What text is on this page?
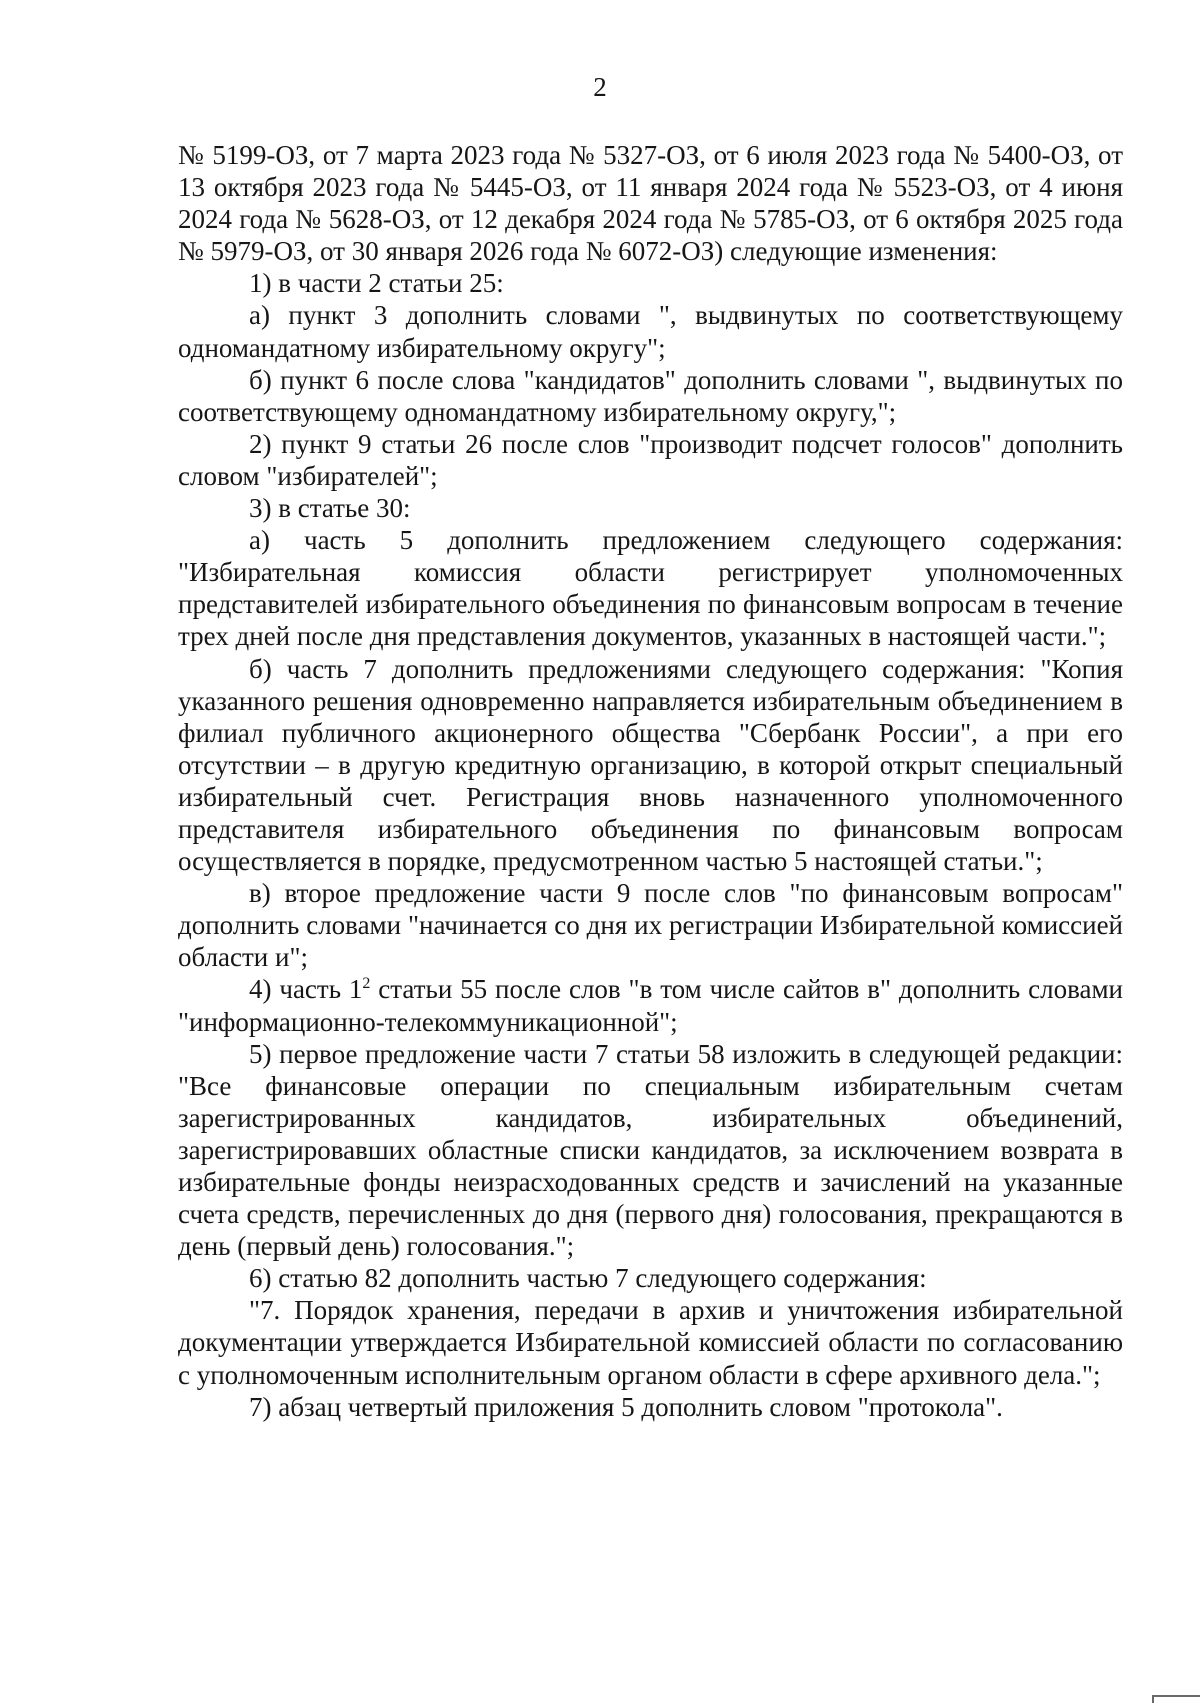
2

№ 5199-ОЗ, от 7 марта 2023 года № 5327-ОЗ, от 6 июля 2023 года № 5400-ОЗ, от 13 октября 2023 года № 5445-ОЗ, от 11 января 2024 года № 5523-ОЗ, от 4 июня 2024 года № 5628-ОЗ, от 12 декабря 2024 года № 5785-ОЗ, от 6 октября 2025 года № 5979-ОЗ, от 30 января 2026 года № 6072-ОЗ) следующие изменения:

1) в части 2 статьи 25:

а) пункт 3 дополнить словами ", выдвинутых по соответствующему одномандатному избирательному округу";

б) пункт 6 после слова "кандидатов" дополнить словами ", выдвинутых по соответствующему одномандатному избирательному округу,";

2) пункт 9 статьи 26 после слов "производит подсчет голосов" дополнить словом "избирателей";

3) в статье 30:

а) часть 5 дополнить предложением следующего содержания: "Избирательная комиссия области регистрирует уполномоченных представителей избирательного объединения по финансовым вопросам в течение трех дней после дня представления документов, указанных в настоящей части.";

б) часть 7 дополнить предложениями следующего содержания: "Копия указанного решения одновременно направляется избирательным объединением в филиал публичного акционерного общества "Сбербанк России", а при его отсутствии – в другую кредитную организацию, в которой открыт специальный избирательный счет. Регистрация вновь назначенного уполномоченного представителя избирательного объединения по финансовым вопросам осуществляется в порядке, предусмотренном частью 5 настоящей статьи.";

в) второе предложение части 9 после слов "по финансовым вопросам" дополнить словами "начинается со дня их регистрации Избирательной комиссией области и";

4) часть $1^2$ статьи 55 после слов "в том числе сайтов в" дополнить словами "информационно-телекоммуникационной";

5) первое предложение части 7 статьи 58 изложить в следующей редакции: "Все финансовые операции по специальным избирательным счетам зарегистрированных кандидатов, избирательных объединений, зарегистрировавших областные списки кандидатов, за исключением возврата в избирательные фонды неизрасходованных средств и зачислений на указанные счета средств, перечисленных до дня (первого дня) голосования, прекращаются в день (первый день) голосования.";

6) статью 82 дополнить частью 7 следующего содержания:

"7. Порядок хранения, передачи в архив и уничтожения избирательной документации утверждается Избирательной комиссией области по согласованию с уполномоченным исполнительным органом области в сфере архивного дела.";

7) абзац четвертый приложения 5 дополнить словом "протокола".
